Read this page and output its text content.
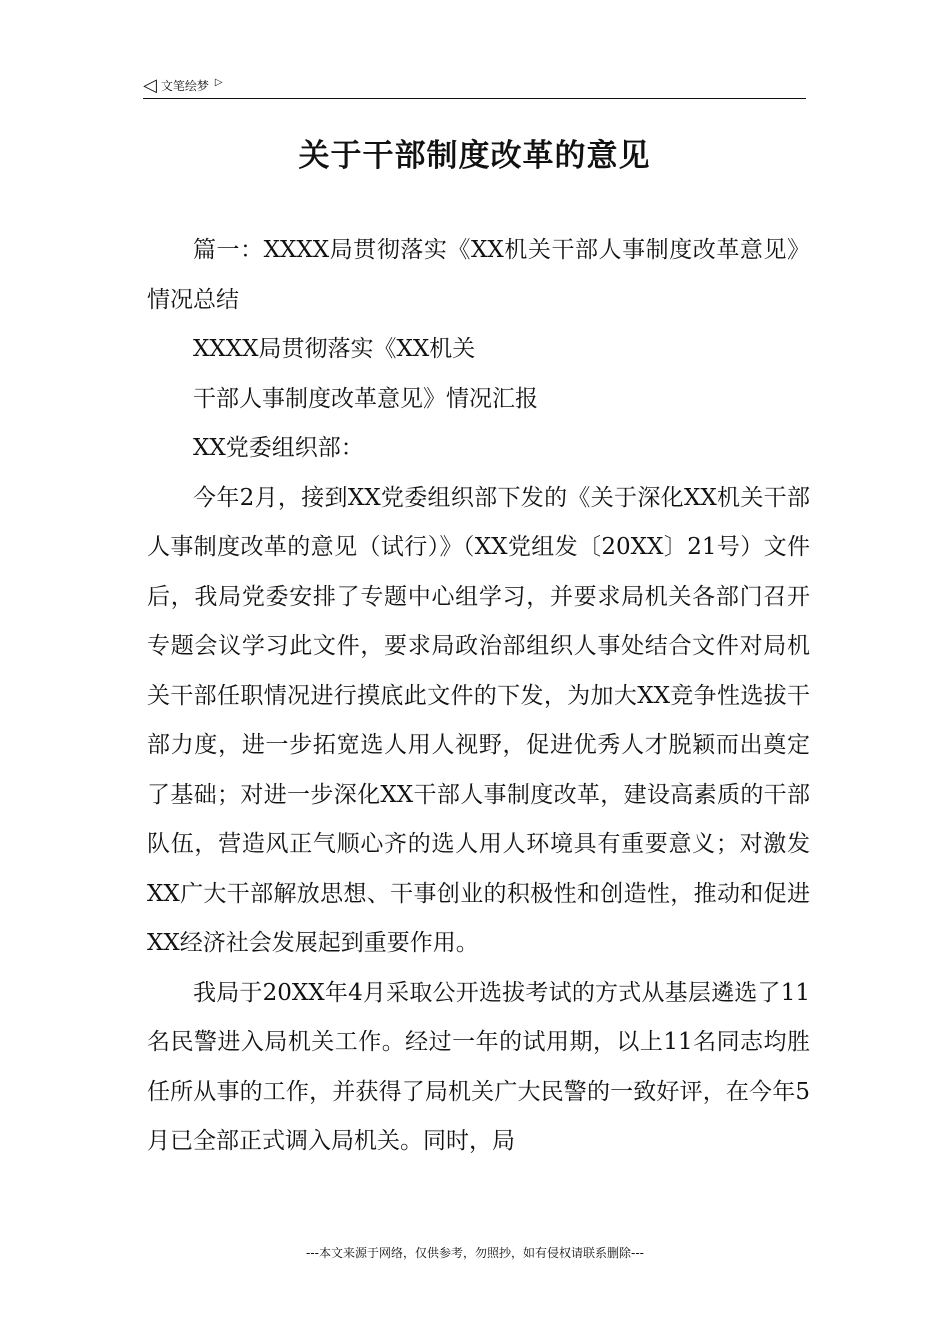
◁ 文笔绘梦 ▷
关于干部制度改革的意见

篇一：XXXX局贯彻落实《XX机关干部人事制度改革意见》情况总结

XXXX局贯彻落实《XX机关

干部人事制度改革意见》情况汇报

XX党委组织部：

今年2月，接到XX党委组织部下发的《关于深化XX机关干部人事制度改革的意见（试行）》（XX党组发〔20XX〕21号）文件后，我局党委安排了专题中心组学习，并要求局机关各部门召开专题会议学习此文件，要求局政治部组织人事处结合文件对局机关干部任职情况进行摸底此文件的下发，为加大XX竞争性选拔干部力度，进一步拓宽选人用人视野，促进优秀人才脱颖而出奠定了基础；对进一步深化XX干部人事制度改革，建设高素质的干部队伍，营造风正气顺心齐的选人用人环境具有重要意义；对激发XX广大干部解放思想、干事创业的积极性和创造性，推动和促进XX经济社会发展起到重要作用。

我局于20XX年4月采取公开选拔考试的方式从基层遴选了11名民警进入局机关工作。经过一年的试用期，以上11名同志均胜任所从事的工作，并获得了局机关广大民警的一致好评，在今年5月已全部正式调入局机关。同时，局

---本文来源于网络，仅供参考，勿照抄，如有侵权请联系删除---
